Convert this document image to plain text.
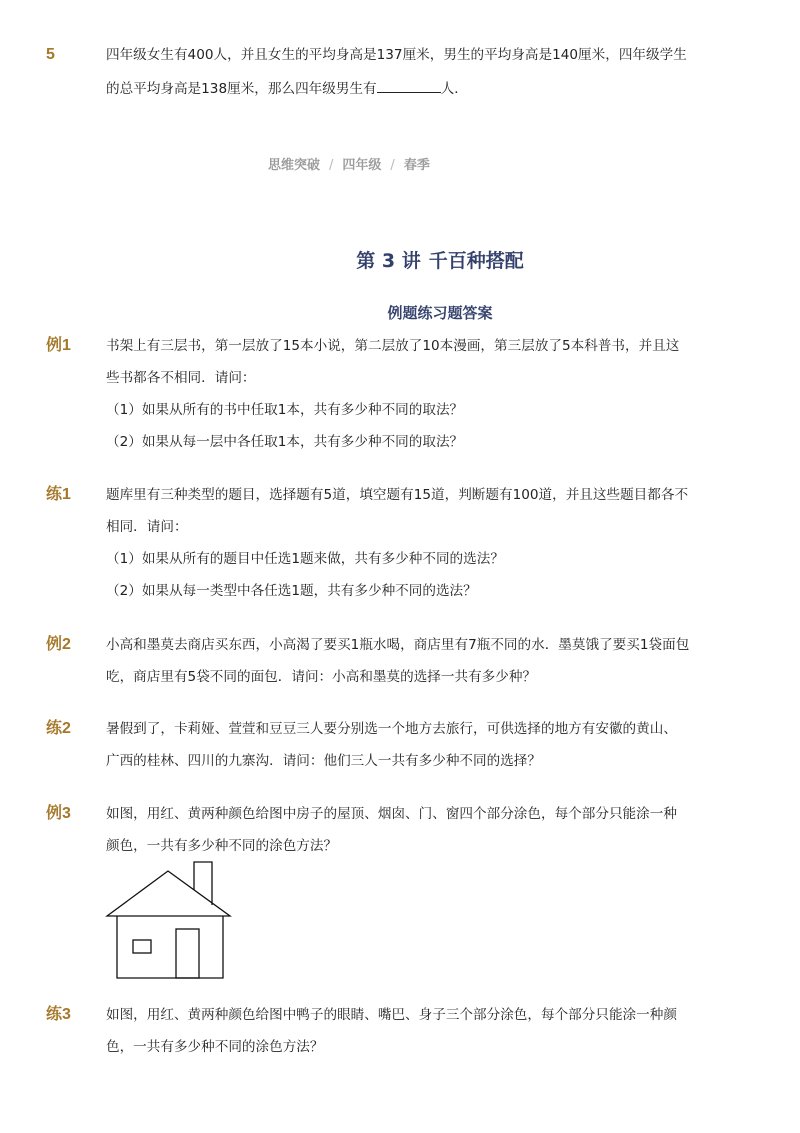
5	四年级女生有400人，并且女生的平均身高是137厘米，男生的平均身高是140厘米，四年级学生
的总平均身高是138厘米，那么四年级男生有	人．
思维突破 / 四年级 / 春季
第 3 讲 千百种搭配
例题练习题答案
例1	书架上有三层书，第一层放了15本小说，第二层放了10本漫画，第三层放了5本科普书，并且这
些书都各不相同．请问：
（1）如果从所有的书中任取1本，共有多少种不同的取法？
（2）如果从每一层中各任取1本，共有多少种不同的取法？
练1	题库里有三种类型的题目，选择题有5道，填空题有15道，判断题有100道，并且这些题目都各不
相同．请问：
（1）如果从所有的题目中任选1题来做，共有多少种不同的选法？
（2）如果从每一类型中各任选1题，共有多少种不同的选法？
例2	小高和墨莫去商店买东西，小高渴了要买1瓶水喝，商店里有7瓶不同的水．墨莫饿了要买1袋面包
吃，商店里有5袋不同的面包．请问：小高和墨莫的选择一共有多少种？
练2	暑假到了，卡莉娅、萱萱和豆豆三人要分别选一个地方去旅行，可供选择的地方有安徽的黄山、
广西的桂林、四川的九寨沟．请问：他们三人一共有多少种不同的选择？
例3	如图，用红、黄两种颜色给图中房子的屋顶、烟囱、门、窗四个部分涂色，每个部分只能涂一种
颜色，一共有多少种不同的涂色方法？
练3	如图，用红、黄两种颜色给图中鸭子的眼睛、嘴巴、身子三个部分涂色，每个部分只能涂一种颜
色，一共有多少种不同的涂色方法？
